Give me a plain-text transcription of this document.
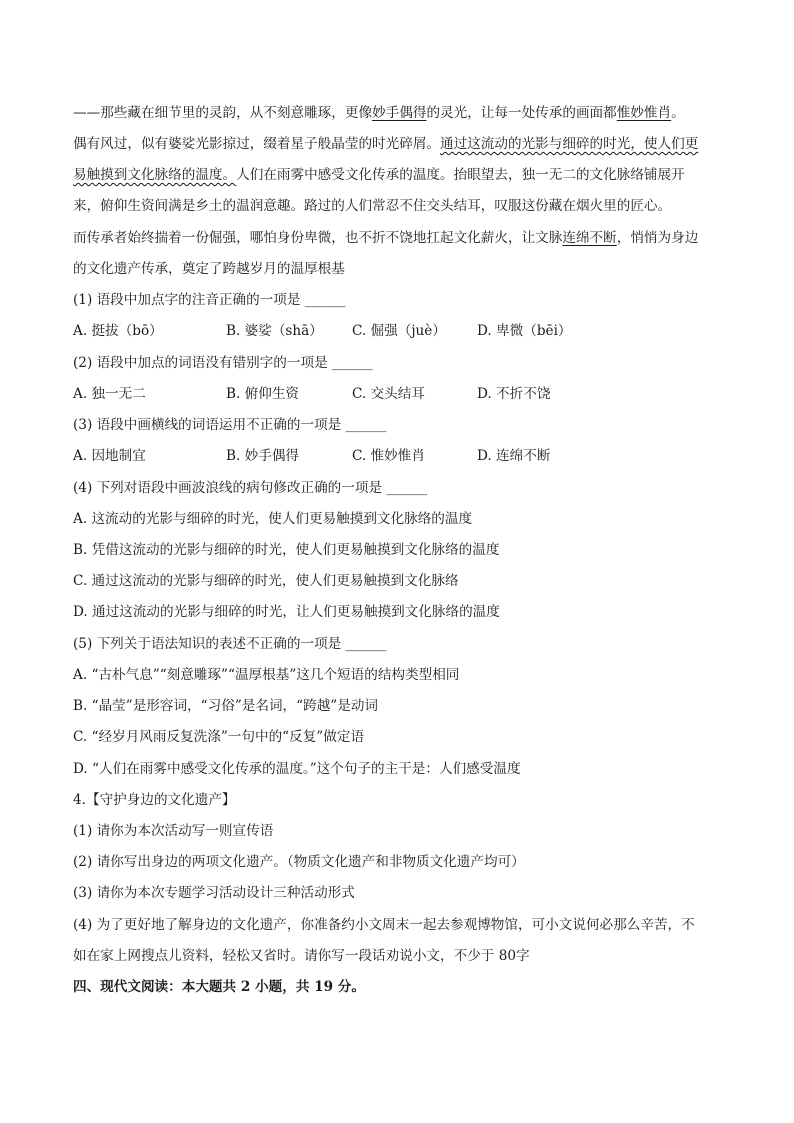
——那些藏在细节里的灵韵，从不刻意雕琢，更像妙手偶得的灵光，让每一处传承的画面都惟妙惟肖。
偶有风过，似有婆娑光影掠过，缀着星子般晶莹的时光碎屑。通过这流动的光影与细碎的时光，使人们更
易触摸到文化脉络的温度。人们在雨雾中感受文化传承的温度。抬眼望去，独一无二的文化脉络铺展开
来，俯仰生资间满是乡土的温润意趣。路过的人们常忍不住交头结耳，叹服这份藏在烟火里的匠心。
而传承者始终揣着一份倔强，哪怕身份卑微，也不折不饶地扛起文化薪火，让文脉连绵不断，悄悄为身边
的文化遗产传承，奠定了跨越岁月的温厚根基
(1) 语段中加点字的注音正确的一项是 ______
A. 挺拔（bō）	B. 婆娑（shā） C. 倔强（juè） D. 卑微（bēi）
(2) 语段中加点的词语没有错别字的一项是 ______
A. 独一无二	B. 俯仰生资	C. 交头结耳	D. 不折不饶
(3) 语段中画横线的词语运用不正确的一项是 ______
A. 因地制宜	B. 妙手偶得	C. 惟妙惟肖	D. 连绵不断
(4) 下列对语段中画波浪线的病句修改正确的一项是 ______
A. 这流动的光影与细碎的时光，使人们更易触摸到文化脉络的温度
B. 凭借这流动的光影与细碎的时光，使人们更易触摸到文化脉络的温度
C. 通过这流动的光影与细碎的时光，使人们更易触摸到文化脉络
D. 通过这流动的光影与细碎的时光，让人们更易触摸到文化脉络的温度
(5) 下列关于语法知识的表述不正确的一项是 ______
A. “古朴气息”“刻意雕琢”“温厚根基”这几个短语的结构类型相同
B. “晶莹”是形容词，“习俗”是名词，“跨越”是动词
C. “经岁月风雨反复洗涤”一句中的“反复”做定语
D. “人们在雨雾中感受文化传承的温度。”这个句子的主干是：人们感受温度
4.【守护身边的文化遗产】
(1) 请你为本次活动写一则宣传语
(2) 请你写出身边的两项文化遗产。（物质文化遗产和非物质文化遗产均可）
(3) 请你为本次专题学习活动设计三种活动形式
(4) 为了更好地了解身边的文化遗产，你准备约小文周末一起去参观博物馆，可小文说何必那么辛苦，不
如在家上网搜点儿资料，轻松又省时。请你写一段话劝说小文，不少于 80字
四、现代文阅读：本大题共 2 小题，共 19 分。
